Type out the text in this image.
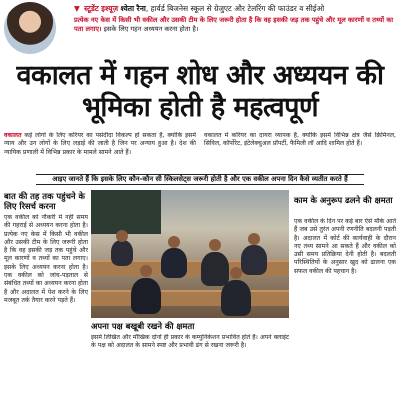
▼ स्टूडेंट इश्यूज़ श्वेता रैना, हार्वर्ड बिजनेस स्कूल से ग्रेजुएट और टेलरिंग की फाउंडर व सीईओ
प्रत्येक नए केस में किसी भी वकील और उसकी टीम के लिए जरूरी होता है कि वह इसकी जड़ तक पहुंचे और मूल कारणों व तथ्यों का पता लगाए। इसके लिए गहन अध्ययन करना होता है।
वकालत में गहन शोध और अध्ययन की भूमिका होती है महत्वपूर्ण
वकालत कई लोगों के लिए करियर का पसंदीदा विकल्प हो सकता है, क्योंकि इसमें न्याय और उन लोगों के लिए लड़ाई की जाती है जिन पर अन्याय हुआ है। देश की न्यायिक प्रणाली में विभिन्न प्रकार के मामले सामने आते हैं।
वकालत में करियर का दायरा व्यापक है, क्योंकि इसमें विभिन्न क्षेत्र जैसे क्रिमिनल, सिविल, कॉर्पोरेट, इंटेलेक्चुअल प्रॉपर्टी, फैमिली लॉ आदि शामिल होते हैं।
आइए जानते हैं कि इसके लिए कौन-कौन सी स्किलसेट्स जरूरी होती है और एक वकील अपना दिन कैसे व्यतीत करते हैं
बात की तह तक पहुंचने के लिए रिसर्च करना
एक वकील को नौकरी में नहीं समय की गहराई से अध्ययन करना होता है। प्रत्येक नए केस में किसी भी वकील और उसकी टीम के लिए जरूरी होता है कि वह इसकी जड़ तक पहुंचे और मूल कारणों व तथ्यों का पता लगाए। इसके लिए अध्ययन करना होता है। एक वकील को जांच-पड़ताल से संबंधित तथ्यों का अध्ययन करना होता है और अदालत में पेश करने के लिए मजबूत तर्क तैयार करने पड़ते हैं।
अपना पक्ष बखूबी रखने की क्षमता
इसमें लिखित और मौखिक दोनों ही प्रकार के कम्युनिकेशन प्रभावित होते हैं। अपने क्लाइंट के पक्ष को अदालत के सामने स्पष्ट और प्रभावी ढंग से रखना जरूरी है।
काम के अनुरूप ढलने की क्षमता
एक वकील के दिन पर कई बार ऐसे मौके आते हैं जब उसे तुरंत अपनी रणनीति बदलनी पड़ती है। अदालत में कोर्ट की कार्यवाही के दौरान नए तथ्य सामने आ सकते हैं और वकील को उसी समय प्रतिक्रिया देनी होती है। बदलती परिस्थितियों के अनुसार खुद को ढालना एक सफल वकील की पहचान है।
